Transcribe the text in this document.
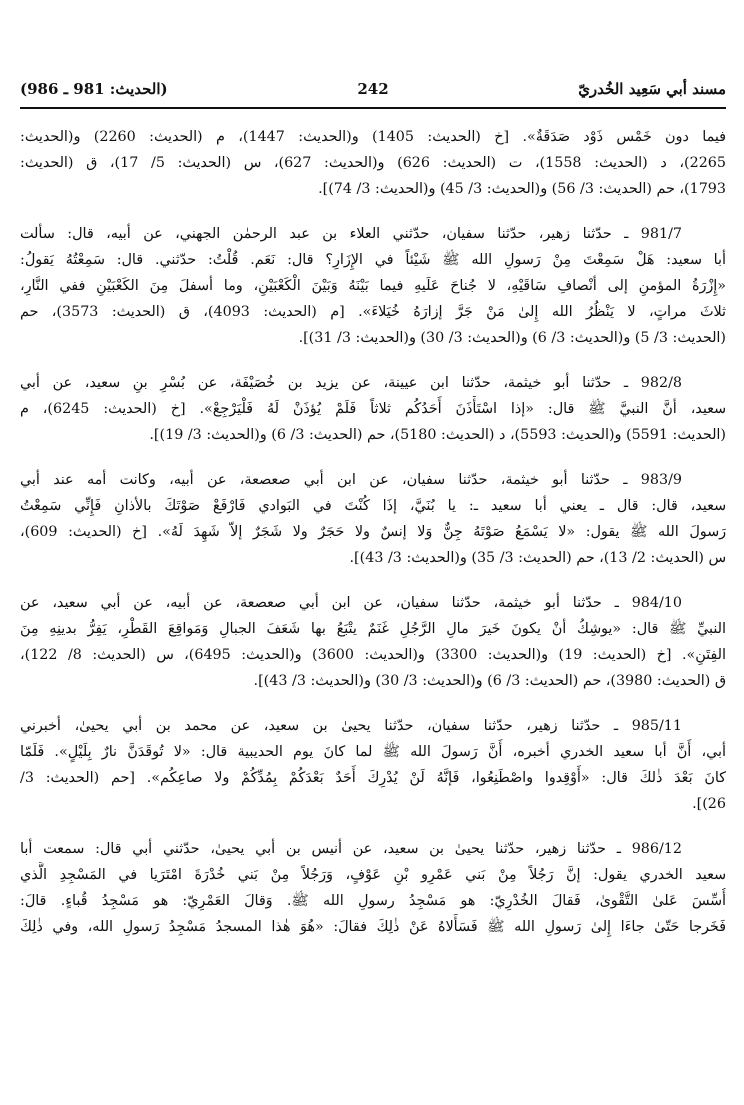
مسند أبي سَعِيد الخُدريّ
242
(الحديث: 981 ـ 986)
فيما دون خَمْس ذَوْد صَدَقَةٌ». [خ (الحديث: 1405) و(الحديث: 1447)، م (الحديث: 2260) و(الحديث:
2265)، د (الحديث: 1558)، ت (الحديث: 626) و(الحديث: 627)، س (الحديث: 5/ 17)، ق (الحديث:
1793)، حم (الحديث: 3/ 56) و(الحديث: 3/ 45) و(الحديث: 3/ 74)].
981/7 ـ حدّثنا زهير، حدّثنا سفيان، حدّثني العلاء بن عبد الرحمٰن الجهني، عن أبيه، قال: سألت
أبا سعيد: هَلْ سَمِعْتَ مِنْ رَسولِ الله ﷺ شَيْئاً في الإِزَارِ؟ قال: نَعَم. قُلْتُ: حدّثني. قال: سَمِعْتُهُ يَقولُ:
«إِزْرَةُ المؤمنِ إلى أنْصافِ سَاقَيْهِ، لا جُناحَ عَلَيهِ فيما بَيْنَهُ وَبَيْنَ الْكَعْبَيْنِ، وما أسفلَ مِنَ الكَعْبَيْنِ ففي النَّارِ،
ثلاثَ مراتٍ، لا يَنْظُرُ الله إِلىٰ مَنْ جَرَّ إزارَهُ خُيَلاءَ». [م (الحديث: 4093)، ق (الحديث: 3573)، حم
(الحديث: 3/ 5) و(الحديث: 3/ 6) و(الحديث: 3/ 30) و(الحديث: 3/ 31)].
982/8 ـ حدّثنا أبو خيثمة، حدّثنا ابن عيينة، عن يزيد بن خُصَيْفَة، عن بُسْرِ بنِ سعيد، عن أبي
سعيد، أنَّ النبيَّ ﷺ قال: «إذا اسْتَأْذَنَ أَحَدُكُم ثلاثاً فَلَمْ يُؤذَنْ لَهُ فَلْيَرْجِعْ». [خ (الحديث: 6245)، م
(الحديث: 5591) و(الحديث: 5593)، د (الحديث: 5180)، حم (الحديث: 3/ 6) و(الحديث: 3/ 19)].
983/9 ـ حدّثنا أبو خيثمة، حدّثنا سفيان، عن ابن أبي صعصعة، عن أبيه، وكانت أمه عند أبي
سعيد، قال: قال ـ يعني أبا سعيد ـ: يا بُنَيَّ، إذَا كُنْتَ في البَوادي فَارْفَعْ صَوْتَكَ بالأذانِ فَإِنِّي سَمِعْتُ
رَسولَ الله ﷺ يقول: «لا يَسْمَعُ صَوْتَهُ جِنٌّ وَلا إنسٌ ولا حَجَرٌ ولا شَجَرٌ إلاّ شَهِدَ لَهُ». [خ (الحديث: 609)،
س (الحديث: 2/ 13)، حم (الحديث: 3/ 35) و(الحديث: 3/ 43)].
984/10 ـ حدّثنا أبو خيثمة، حدّثنا سفيان، عن ابن أبي صعصعة، عن أبيه، عن أبي سعيد، عن
النبيِّ ﷺ قال: «يوشِكُ أنْ يكونَ خَيرَ مالِ الرَّجُلِ غَنَمٌ يتْبَعُ بها شَعَفَ الجبالِ وَمَواقِعَ القَطْرِ، يَفِرُّ بدينِهِ مِنَ
الفِتَنِ». [خ (الحديث: 19) و(الحديث: 3300) و(الحديث: 3600) و(الحديث: 6495)، س (الحديث: 8/ 122)،
ق (الحديث: 3980)، حم (الحديث: 3/ 6) و(الحديث: 3/ 30) و(الحديث: 3/ 43)].
985/11 ـ حدّثنا زهير، حدّثنا سفيان، حدّثنا يحيىٰ بن سعيد، عن محمد بن أبي يحيىٰ، أخبرني
أبي، أَنَّ أبا سعيد الخدري أخبره، أَنَّ رَسولَ الله ﷺ لما كانَ يوم الحديبية قال: «لا تُوقَدَنَّ نارٌ بِلَيْلٍ». فَلَمّا
كانَ بَعْدَ ذٰلكَ قال: «أَوْقِدوا واصْطَنِعُوا، فَإنَّهُ لَنْ يُدْرِكَ أَحَدٌ بَعْدَكُمْ بِمُدِّكُمْ ولا صاعِكُم». [حم (الحديث: 3/
26)].
986/12 ـ حدّثنا زهير، حدّثنا يحيىٰ بن سعيد، عن أنيس بن أبي يحيىٰ، حدّثني أبي قال: سمعت أبا
سعيد الخدري يقول: إنَّ رَجُلاً مِنْ بَني عَمْرِو بْنِ عَوْفٍ، وَرَجُلاً مِنْ بَني خُدْرَةَ امْتَرَيا في المَسْجِدِ الَّذي
أُسِّسَ عَلىٰ التَّقْوىٰ، فَقالَ الخُدْرِيّ: هو مَسْجِدُ رسولِ الله ﷺ. وَقالَ العَمْرِيّ: هو مَسْجِدُ قُباءٍ. قالَ:
فَخَرجا حَتّىٰ جاءَا إِلىٰ رَسولِ الله ﷺ فَسَأَلاهُ عَنْ ذٰلِكَ فقالَ: «هُوَ هٰذا المسجدُ مَسْجِدُ رَسولِ الله، وفي ذٰلِكَ
